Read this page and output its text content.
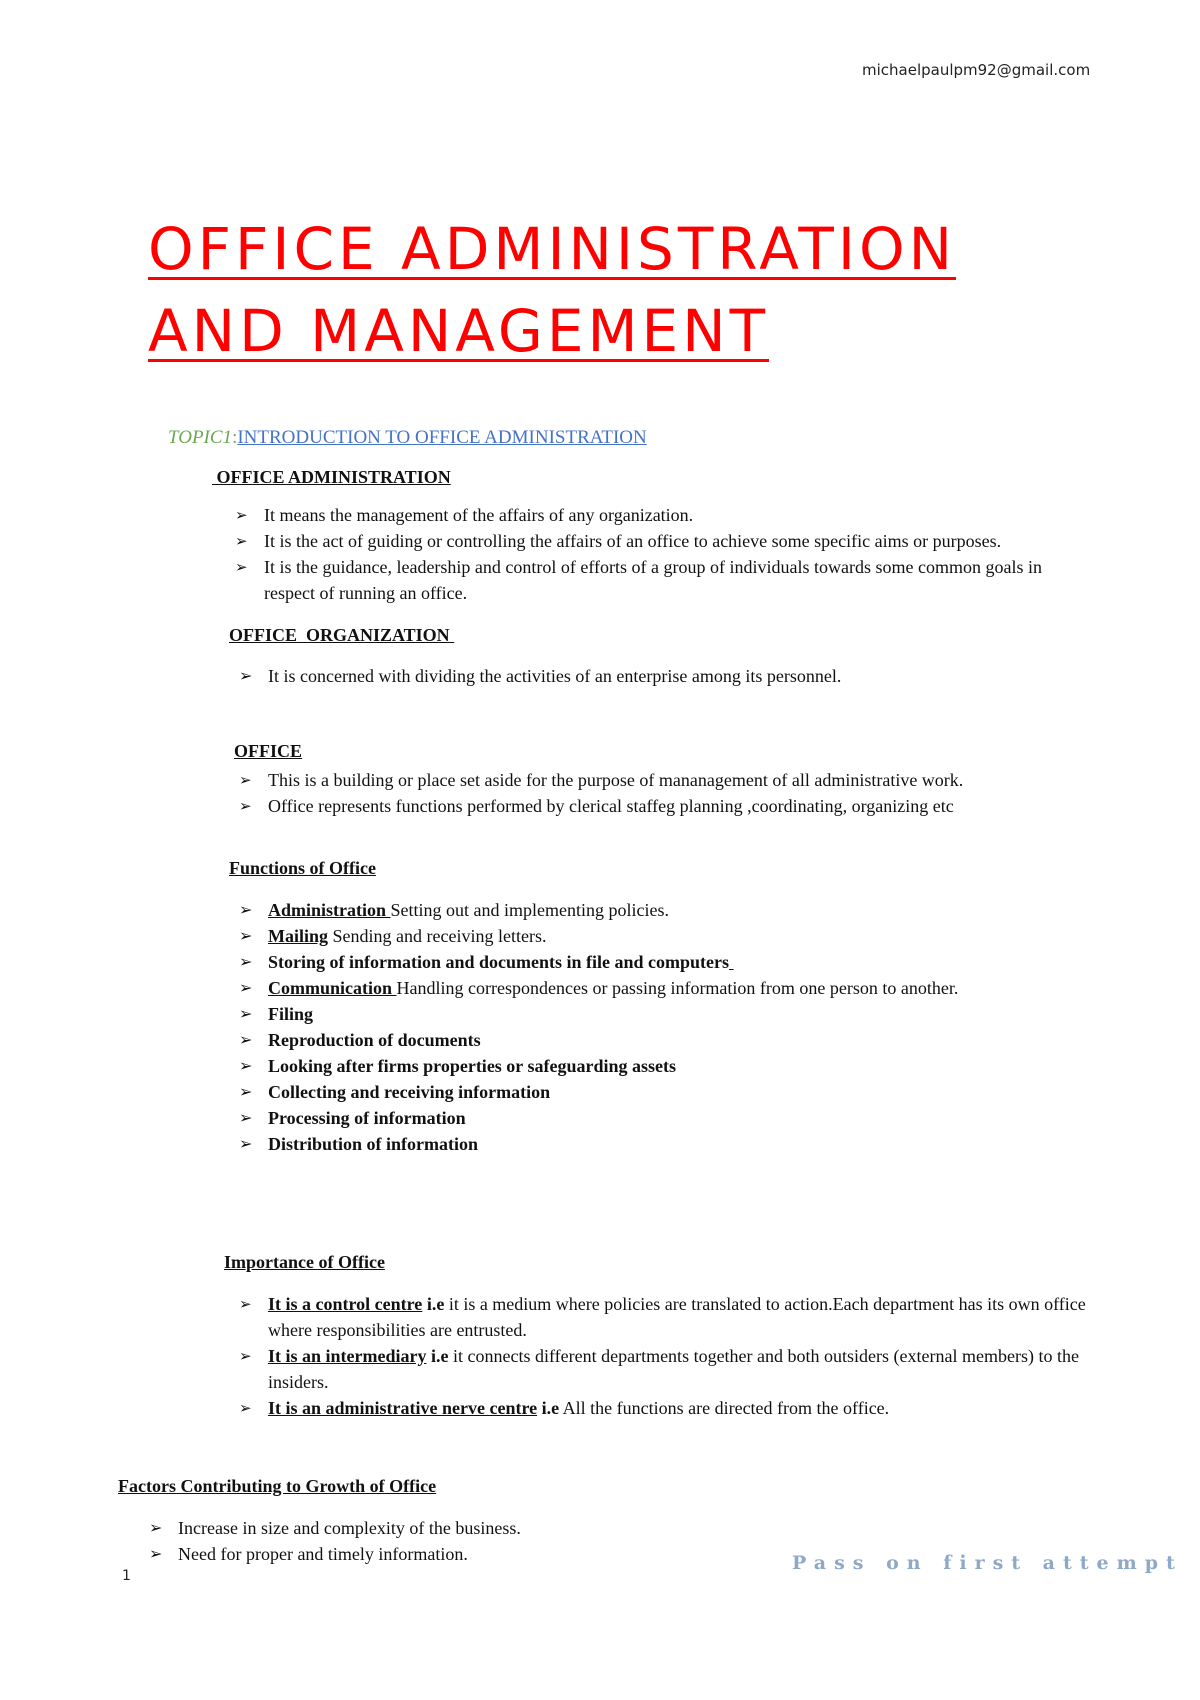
michaelpaulpm92@gmail.com
OFFICE ADMINISTRATION
AND MANAGEMENT
TOPIC1:INTRODUCTION TO OFFICE ADMINISTRATION
OFFICE ADMINISTRATION
➢ It means the management of the affairs of any organization.
➢ It is the act of guiding or controlling the affairs of an office to achieve some specific aims or purposes.
➢ It is the guidance, leadership and control of efforts of a group of individuals towards some common goals in respect of running an office.
OFFICE  ORGANIZATION
➢ It is concerned with dividing the activities of an enterprise among its personnel.
OFFICE
➢ This is a building or place set aside for the purpose of mananagement of all administrative work.
➢ Office represents functions performed by clerical staffeg planning ,coordinating, organizing etc
Functions of Office
➢ Administration Setting out and implementing policies.
➢ Mailing Sending and receiving letters.
➢ Storing of information and documents in file and computers
➢ Communication Handling correspondences or passing information from one person to another.
➢ Filing
➢ Reproduction of documents
➢ Looking after firms properties or safeguarding assets
➢ Collecting and receiving information
➢ Processing of information
➢ Distribution of information
Importance of Office
➢ It is a control centre i.e it is a medium where policies are translated to action.Each department has its own office where responsibilities are entrusted.
➢ It is an intermediary i.e it connects different departments together and both outsiders (external members) to the insiders.
➢ It is an administrative nerve centre i.e All the functions are directed from the office.
Factors Contributing to Growth of Office
➢ Increase in size and complexity of the business.
➢ Need for proper and timely information.
1
Pass on first attempt
